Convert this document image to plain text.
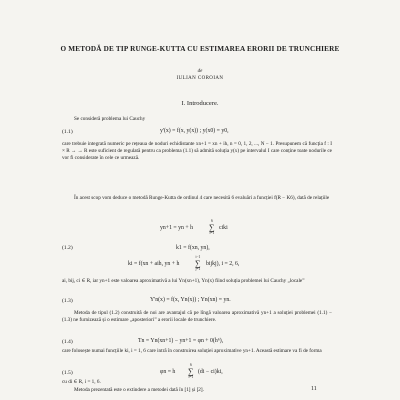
O METODĂ DE TIP RUNGE-KUTTA CU ESTIMAREA ERORII DE TRUNCHIERE
de
IULIAN COROIAN
I. Introducere.
Se consideră problema lui Cauchy
(1.1)	y'(x) = f(x, y(x)) ; y(x0) = y0,
care trebuie integrată numeric pe rețeaua de noduri echidistante xn+1 = xn + ih, n = 0, 1, 2, ..., N − 1. Presupunem că funcția f : I × R → → R este suficient de regulată pentru ca problema (1.1) să admită soluția y(x) pe intervalul I care conține toate nodurile ce vor fi considerate în cele ce urmează.
În acest scop vom deduce o metodă Runge-Kutta de ordinul 4 care necesită 6 evaluări a funcției f(R − K6), dată de relațiile
yn+1 = yn + h
6
∑
i=1
ciki
(1.2)	k1 = f(xn, yn),
ki = f(xn + aih, yn + h
i−1
∑
j=1
bijkj), i = 2, 6,
ai, bij, ci ∈ R, iar yn+1 este valoarea aproximativă a lui Yn(xn+1), Yn(x) fiind soluția problemei lui Cauchy „locale”
(1.3)	Y'n(x) = f(x, Yn(x)) ; Yn(xn) = yn.
Metoda de tipul (1.2) construită de noi are avantajul că pe lîngă valoarea aproximativă yn+1 a soluției problemei (1.1) − (1.3) ne furnizează și o estimare „aposteriori” a erorii locale de trunchiere.
(1.4)	Tn = Yn(xn+1) − yn+1 = φn + 0(h⁶),
care folosește numai funcțiile ki, i = 1, 6 care intră în construirea soluției aproximative yn+1. Această estimare va fi de forma
(1.5)	φn = h
6
∑
i=1
(di − ci)ki,
cu di ∈ R, i = 1, 6.
Metoda prezentată este o extindere a metodei dată în [1] și [2].	11
